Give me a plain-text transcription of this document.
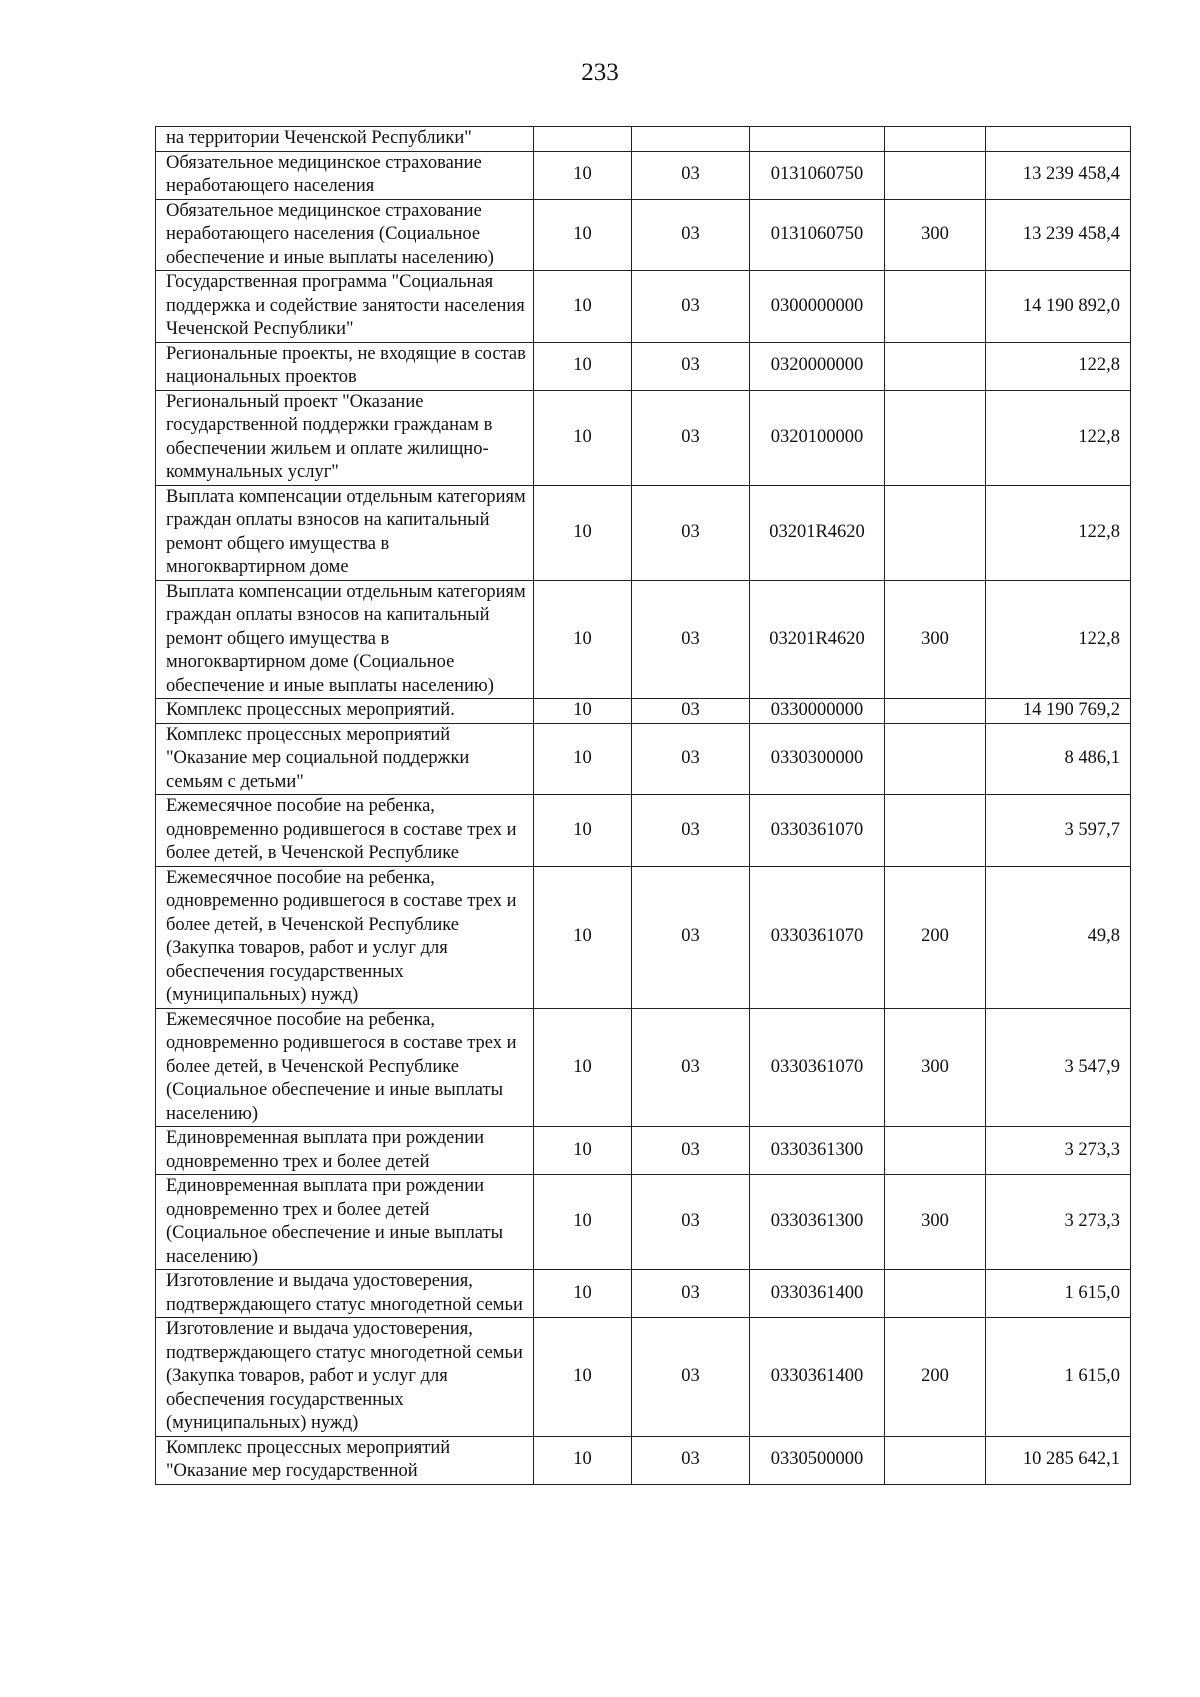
233
на территории Чеченской Республики"					
Обязательное медицинское страхование неработающего населения	10	03	0131060750		13 239 458,4
Обязательное медицинское страхование неработающего населения (Социальное обеспечение и иные выплаты населению)	10	03	0131060750	300	13 239 458,4
Государственная программа "Социальная поддержка и содействие занятости населения Чеченской Республики"	10	03	0300000000		14 190 892,0
Региональные проекты, не входящие в состав национальных проектов	10	03	0320000000		122,8
Региональный проект "Оказание государственной поддержки гражданам в обеспечении жильем и оплате жилищно-коммунальных услуг"	10	03	0320100000		122,8
Выплата компенсации отдельным категориям граждан оплаты взносов на капитальный ремонт общего имущества в многоквартирном доме	10	03	03201R4620		122,8
Выплата компенсации отдельным категориям граждан оплаты взносов на капитальный ремонт общего имущества в многоквартирном доме (Социальное обеспечение и иные выплаты населению)	10	03	03201R4620	300	122,8
Комплекс процессных мероприятий.	10	03	0330000000		14 190 769,2
Комплекс процессных мероприятий "Оказание мер социальной поддержки семьям с детьми"	10	03	0330300000		8 486,1
Ежемесячное пособие на ребенка, одновременно родившегося в составе трех и более детей, в Чеченской Республике	10	03	0330361070		3 597,7
Ежемесячное пособие на ребенка, одновременно родившегося в составе трех и более детей, в Чеченской Республике (Закупка товаров, работ и услуг для обеспечения государственных (муниципальных) нужд)	10	03	0330361070	200	49,8
Ежемесячное пособие на ребенка, одновременно родившегося в составе трех и более детей, в Чеченской Республике (Социальное обеспечение и иные выплаты населению)	10	03	0330361070	300	3 547,9
Единовременная выплата при рождении одновременно трех и более детей	10	03	0330361300		3 273,3
Единовременная выплата при рождении одновременно трех и более детей (Социальное обеспечение и иные выплаты населению)	10	03	0330361300	300	3 273,3
Изготовление и выдача удостоверения, подтверждающего статус многодетной семьи	10	03	0330361400		1 615,0
Изготовление и выдача удостоверения, подтверждающего статус многодетной семьи (Закупка товаров, работ и услуг для обеспечения государственных (муниципальных) нужд)	10	03	0330361400	200	1 615,0
Комплекс процессных мероприятий "Оказание мер государственной	10	03	0330500000		10 285 642,1
